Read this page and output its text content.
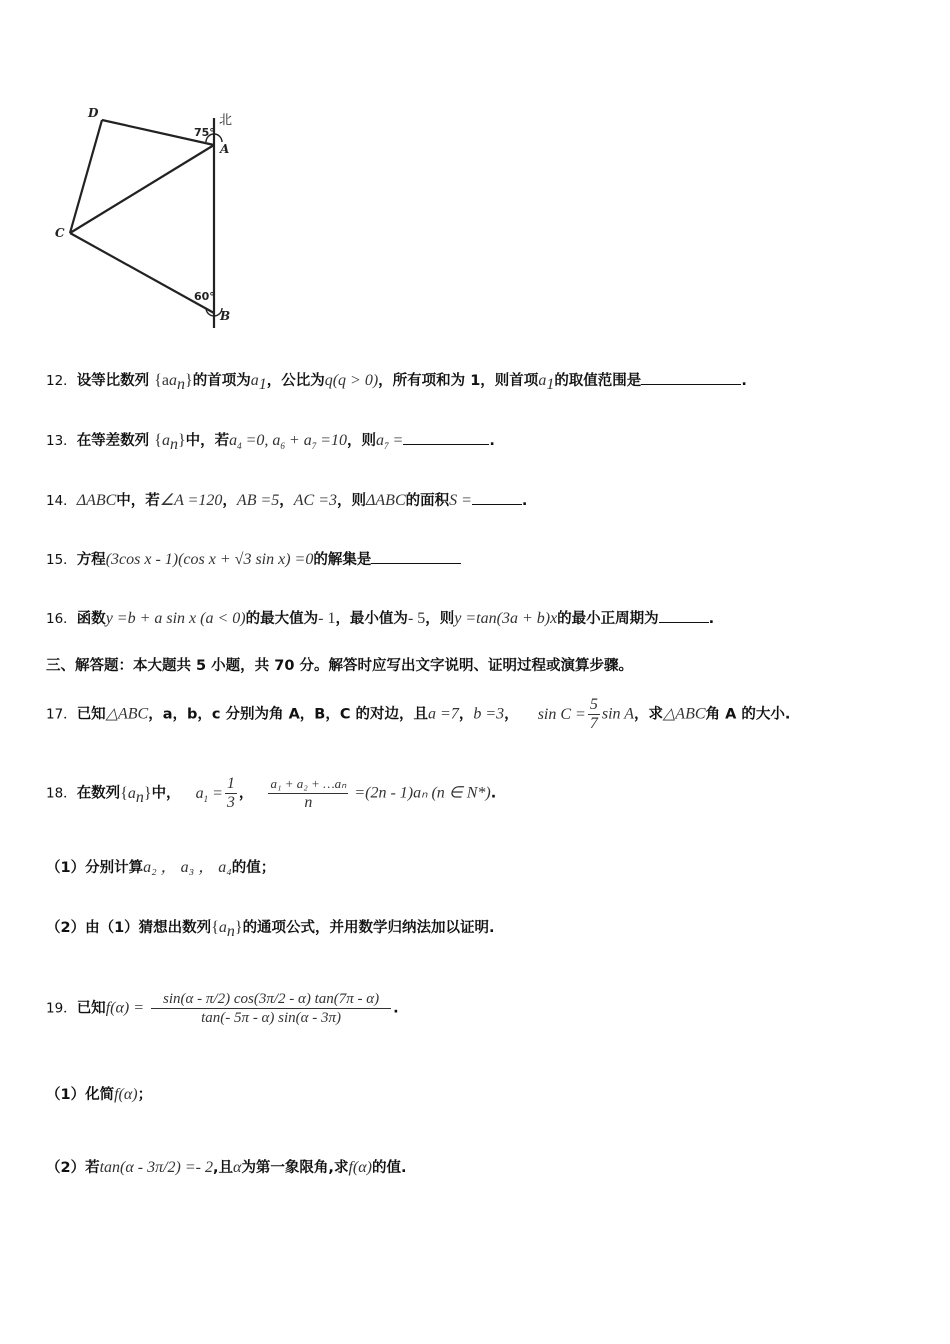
D
A
C
B
北
75°
60°
12．设等比数列 $\{aa_n\}$的首项为$a_1$，公比为q(q > 0)，所有项和为 1，则首项$a_1$的取值范围是	.
13．在等差数列 $\{a_n\}$中，若$a_4 =0$, $a_6 + a_7 =10$，则$a_7$ =	.
14．ΔABC中，若∠A =120，AB =5，AC =3，则ΔABC的面积S =	.
15．方程(3cos x - 1)(cos x + √3 sin x) =0的解集是
16．函数y =b + a sin x (a < 0)的最大值为- 1，最小值为- 5，则y =tan(3a + b)x的最小正周期为	.
三、解答题：本大题共 5 小题，共 70 分。解答时应写出文字说明、证明过程或演算步骤。
17．已知△ABC，a，b，c 分别为角 A，B，C 的对边，且a =7，b =3， $\sin C = \frac{5}{7}$ sin A，求△ABC角 A 的大小.
18．在数列$\{a_n\}$中， $a_1 = \frac{1}{3}$ ， $\frac{\text{a₁ + a₂ + …aₙ}}{n} =(2n - 1)a_n$ (n ∈ N*).
（1）分别计算a₂ ， a₃ ， a₄的值；
（2）由（1）猜想出数列$\{a_n\}$的通项公式，并用数学归纳法加以证明.
19．已知$f(\alpha) = \frac{\sin(\alpha - \pi/2) \cos(3\pi/2 - \alpha) \tan(7\pi - \alpha)}{\tan(- 5\pi - \alpha) \sin(\alpha - 3\pi)}$ .
（1）化简f(α)；
（2）若tan(α - 3π/2) =- 2,且α为第一象限角,求f(α)的值.
